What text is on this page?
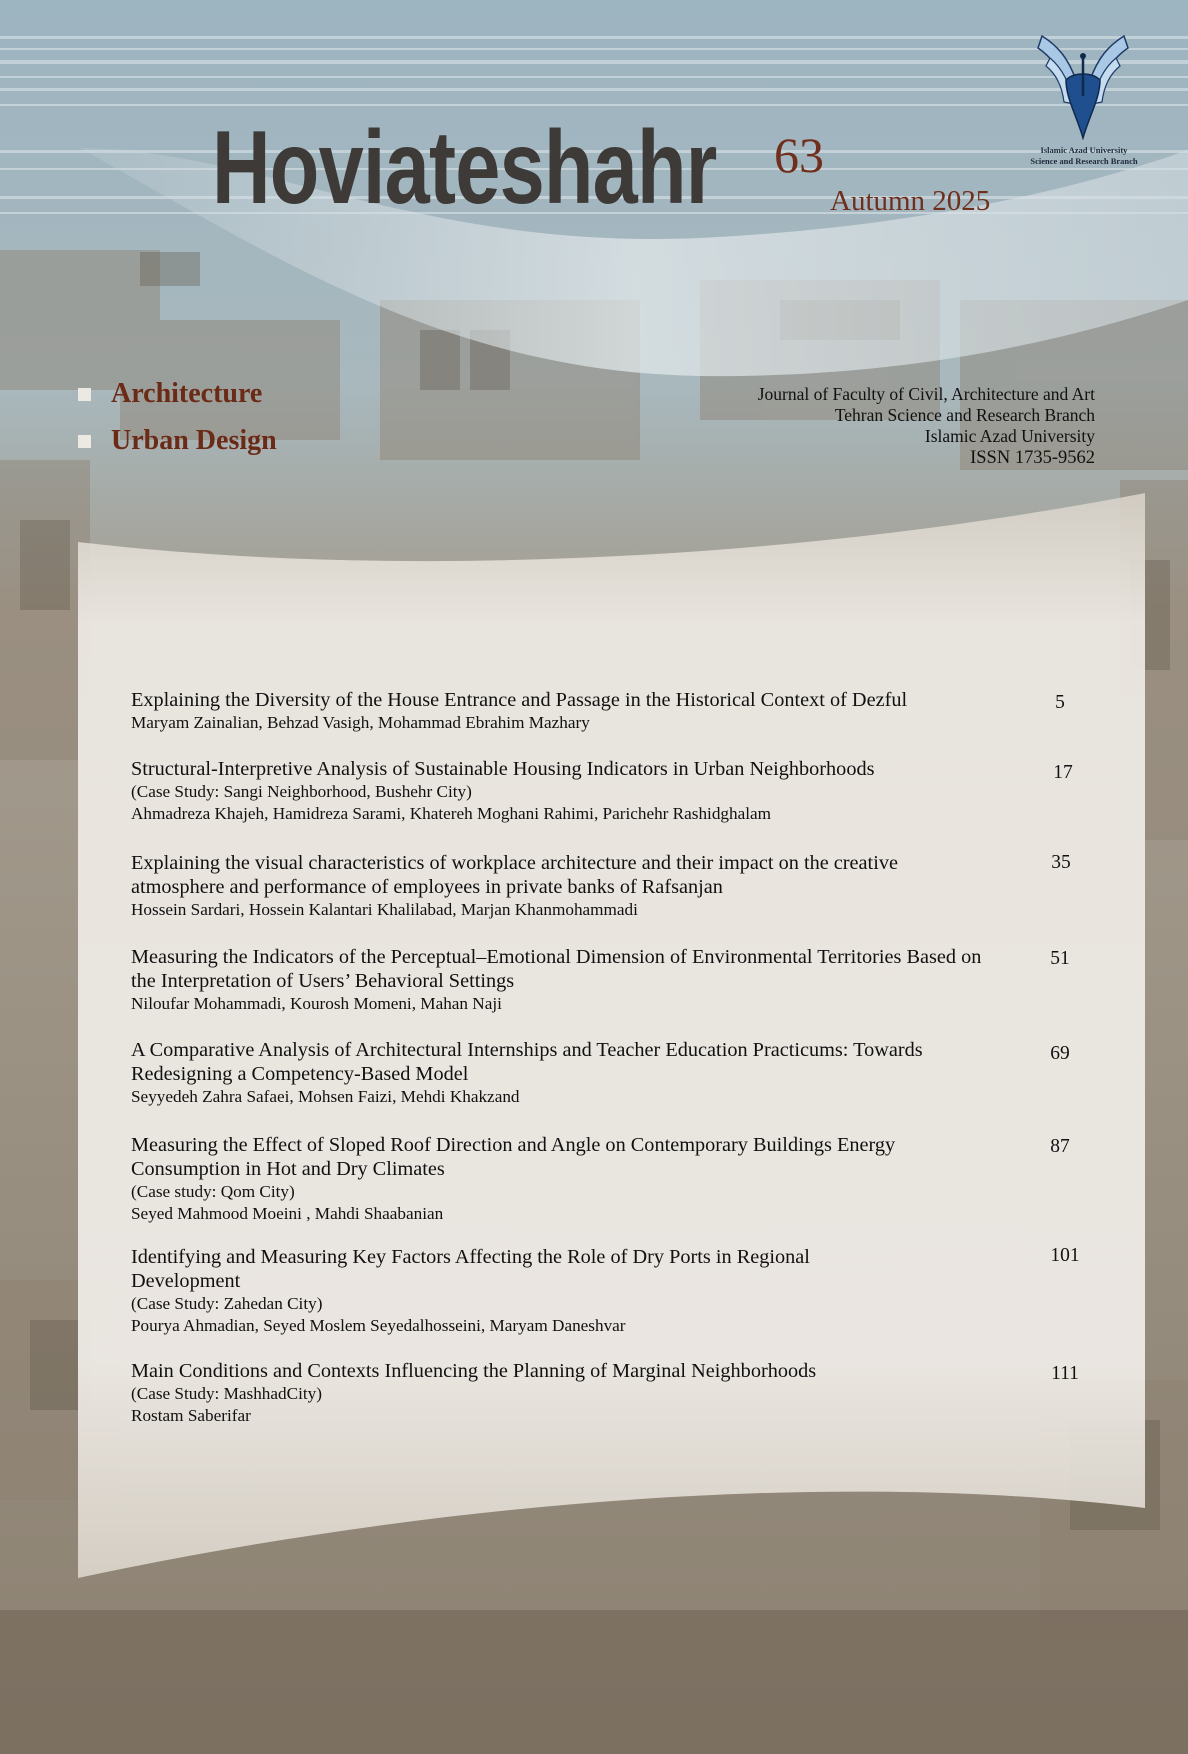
Hoviateshahr 63
Autumn 2025
Islamic Azad University
Science and Research Branch
Architecture
Urban Design
Journal of Faculty of Civil, Architecture and Art
Tehran Science and Research Branch
Islamic Azad University
ISSN 1735-9562
Explaining the Diversity of the House Entrance and Passage in the Historical Context of Dezful
Maryam Zainalian, Behzad Vasigh, Mohammad Ebrahim Mazhary
5
Structural-Interpretive Analysis of Sustainable Housing Indicators in Urban Neighborhoods
(Case Study: Sangi Neighborhood, Bushehr City)
Ahmadreza Khajeh, Hamidreza Sarami, Khatereh Moghani Rahimi, Parichehr Rashidghalam
17
Explaining the visual characteristics of workplace architecture and their impact on the creative atmosphere and performance of employees in private banks of Rafsanjan
Hossein Sardari, Hossein Kalantari Khalilabad, Marjan Khanmohammadi
35
Measuring the Indicators of the Perceptual–Emotional Dimension of Environmental Territories Based on the Interpretation of Users’ Behavioral Settings
Niloufar Mohammadi, Kourosh Momeni, Mahan Naji
51
A Comparative Analysis of Architectural Internships and Teacher Education Practicums: Towards Redesigning a Competency-Based Model
Seyyedeh Zahra Safaei, Mohsen Faizi, Mehdi Khakzand
69
Measuring the Effect of Sloped Roof Direction and Angle on Contemporary Buildings Energy Consumption in Hot and Dry Climates
(Case study: Qom City)
Seyed Mahmood Moeini , Mahdi Shaabanian
87
Identifying and Measuring Key Factors Affecting the Role of Dry Ports in Regional Development
(Case Study: Zahedan City)
Pourya Ahmadian, Seyed Moslem Seyedalhosseini, Maryam Daneshvar
101
Main Conditions and Contexts Influencing the Planning of Marginal Neighborhoods
(Case Study: MashhadCity)
Rostam Saberifar
111
